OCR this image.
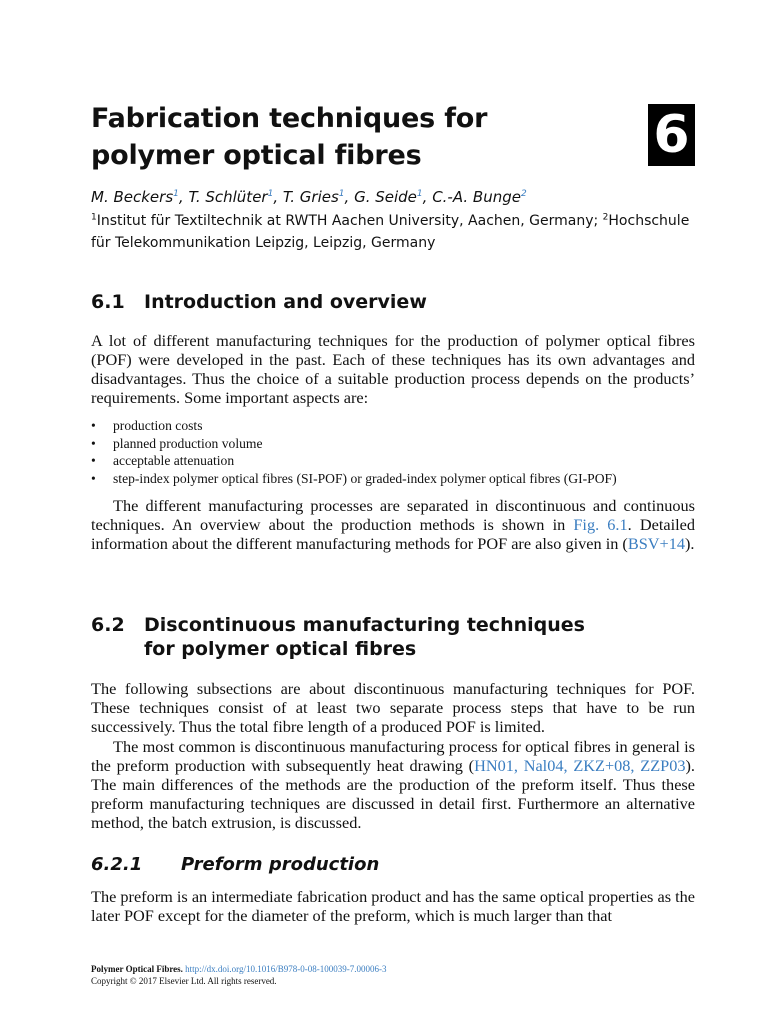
Fabrication techniques for
polymer optical fibres	6
M. Beckers$^1$, T. Schlüter$^1$, T. Gries$^1$, G. Seide$^1$, C.-A. Bunge$^2$
$^1$Institut für Textiltechnik at RWTH Aachen University, Aachen, Germany; $^2$Hochschule für Telekommunikation Leipzig, Leipzig, Germany
6.1 Introduction and overview
A lot of different manufacturing techniques for the production of polymer optical fibres (POF) were developed in the past. Each of these techniques has its own advantages and disadvantages. Thus the choice of a suitable production process depends on the products’ requirements. Some important aspects are:
• production costs
• planned production volume
• acceptable attenuation
• step-index polymer optical fibres (SI-POF) or graded-index polymer optical fibres (GI-POF)
The different manufacturing processes are separated in discontinuous and continuous techniques. An overview about the production methods is shown in Fig. 6.1. Detailed information about the different manufacturing methods for POF are also given in (BSV+14).
6.2 Discontinuous manufacturing techniques
for polymer optical fibres
The following subsections are about discontinuous manufacturing techniques for POF. These techniques consist of at least two separate process steps that have to be run successively. Thus the total fibre length of a produced POF is limited.
The most common is discontinuous manufacturing process for optical fibres in general is the preform production with subsequently heat drawing (HN01, Nal04, ZKZ+08, ZZP03). The main differences of the methods are the production of the preform itself. Thus these preform manufacturing techniques are discussed in detail first. Furthermore an alternative method, the batch extrusion, is discussed.
6.2.1 Preform production
The preform is an intermediate fabrication product and has the same optical properties as the later POF except for the diameter of the preform, which is much larger than that
Polymer Optical Fibres. http://dx.doi.org/10.1016/B978-0-08-100039-7.00006-3
Copyright © 2017 Elsevier Ltd. All rights reserved.
